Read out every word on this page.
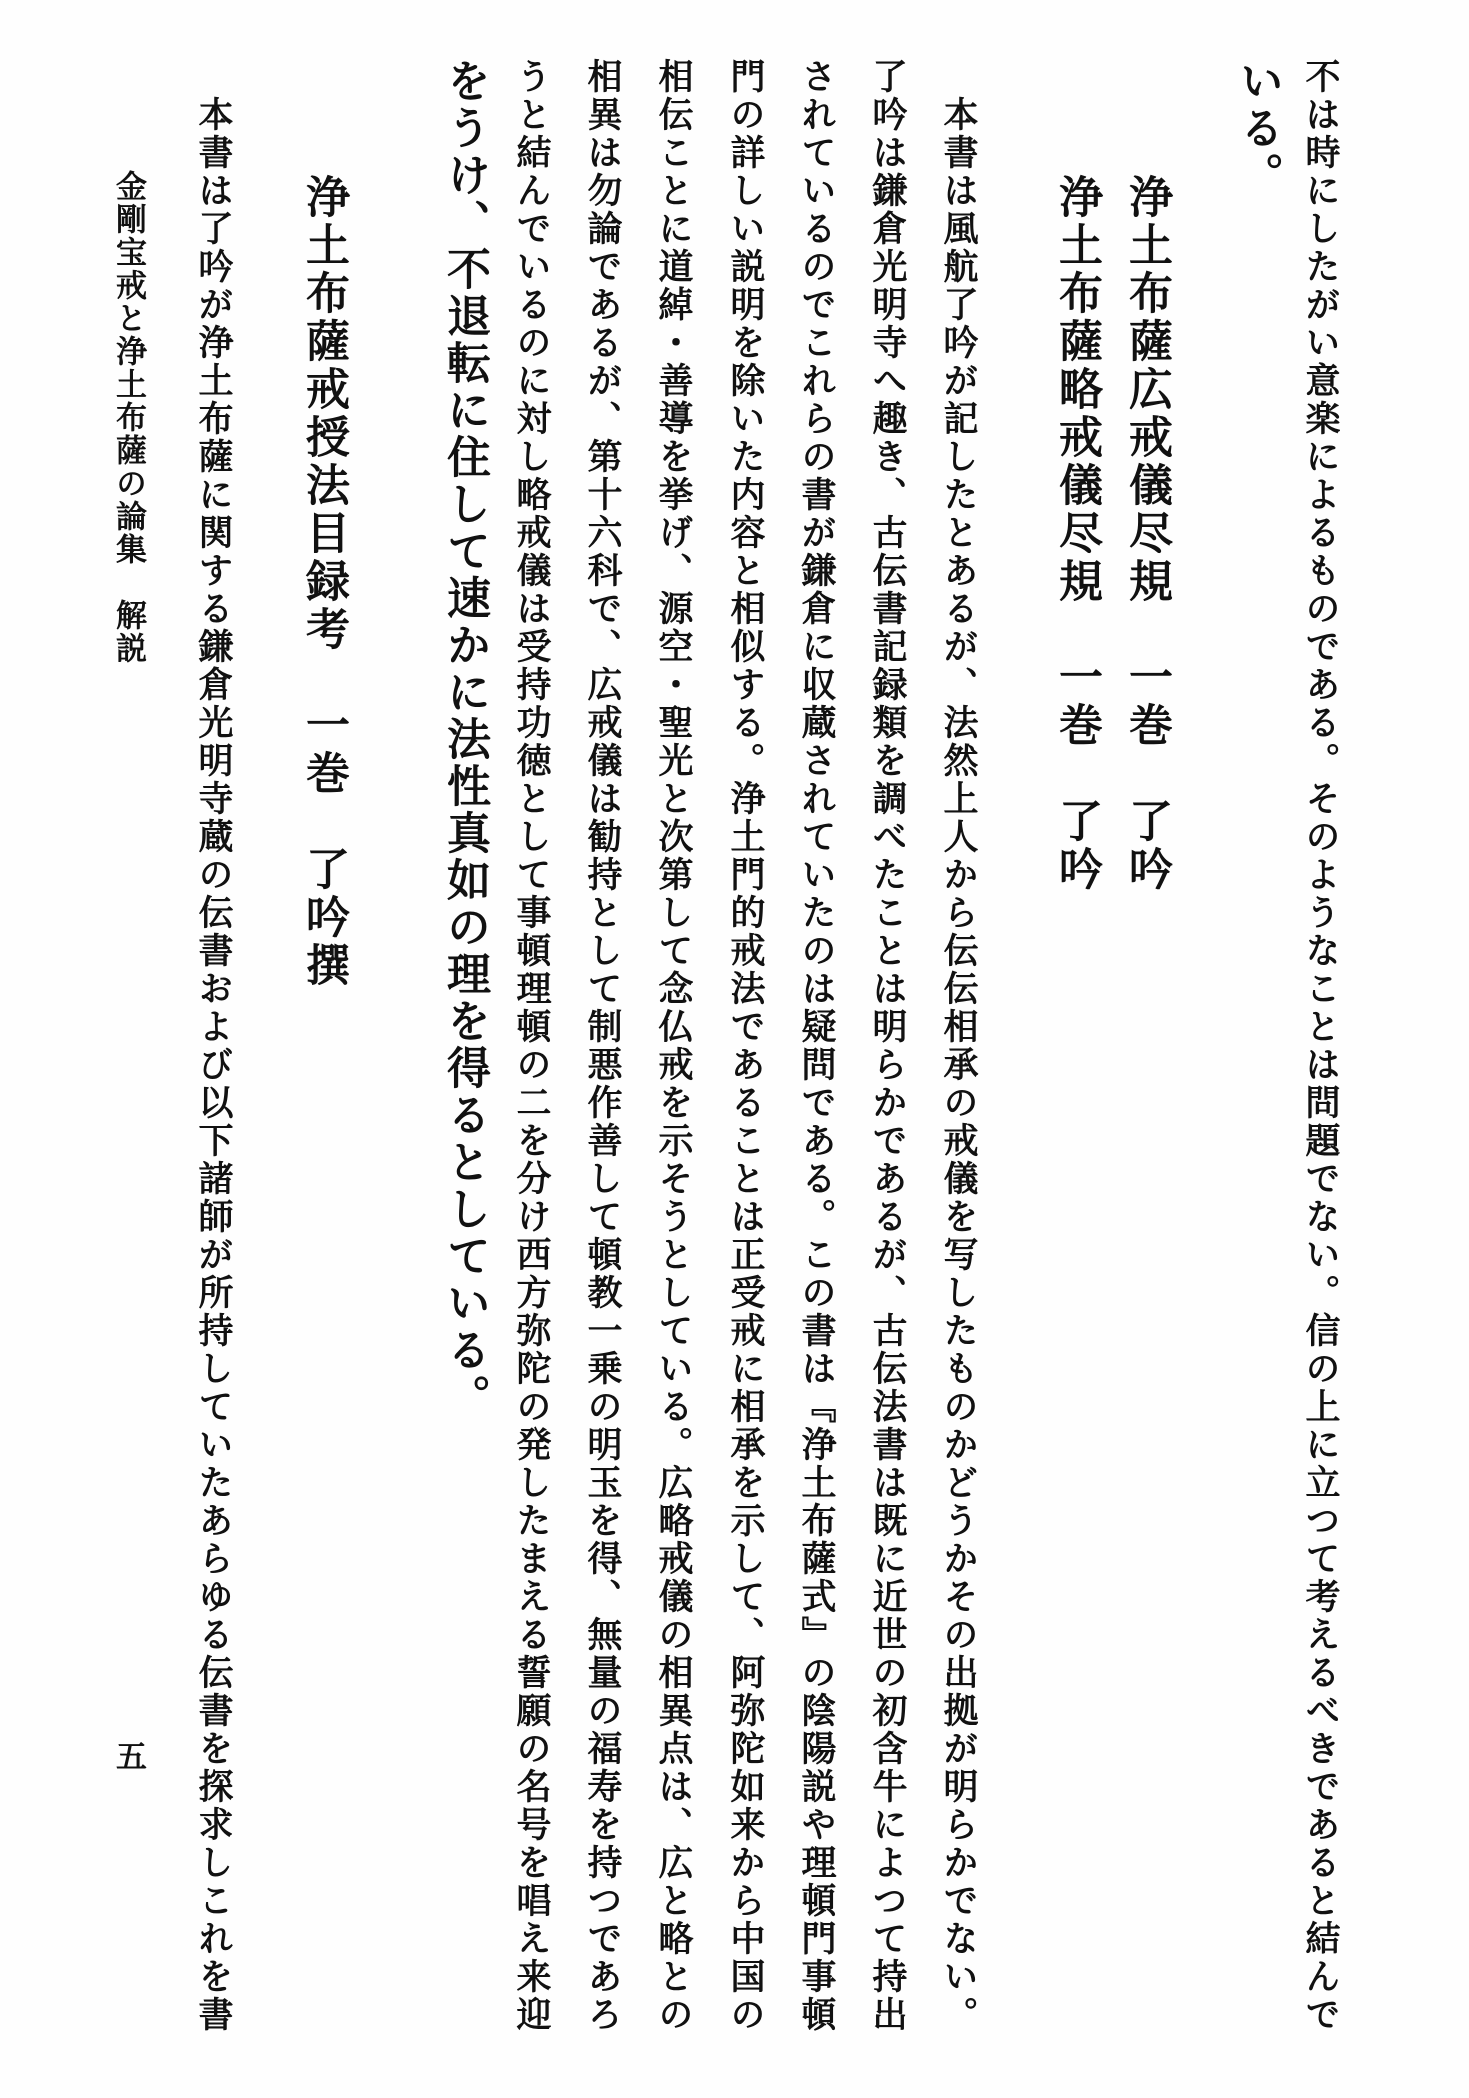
不は時にしたがい意楽によるものである。そのようなことは問題でない。信の上に立つて考えるべきであると結んで
いる。
浄土布薩広戒儀尽規　一巻　了吟
浄土布薩略戒儀尽規　一巻　了吟
本書は風航了吟が記したとあるが、法然上人から伝伝相承の戒儀を写したものかどうかその出拠が明らかでない。
了吟は鎌倉光明寺へ趣き、古伝書記録類を調べたことは明らかであるが、古伝法書は既に近世の初含牛によつて持出
されているのでこれらの書が鎌倉に収蔵されていたのは疑問である。この書は『浄土布薩式』の陰陽説や理頓門事頓
門の詳しい説明を除いた内容と相似する。浄土門的戒法であることは正受戒に相承を示して、阿弥陀如来から中国の
相伝ことに道綽・善導を挙げ、源空・聖光と次第して念仏戒を示そうとしている。広略戒儀の相異点は、広と略との
相異は勿論であるが、第十六科で、広戒儀は勧持として制悪作善して頓教一乗の明玉を得、無量の福寿を持つであろ
うと結んでいるのに対し略戒儀は受持功徳として事頓理頓の二を分け西方弥陀の発したまえる誓願の名号を唱え来迎
をうけ、不退転に住して速かに法性真如の理を得るとしている。
浄土布薩戒授法目録考　一巻　了吟撰
本書は了吟が浄土布薩に関する鎌倉光明寺蔵の伝書および以下諸師が所持していたあらゆる伝書を探求しこれを書
金剛宝戒と浄土布薩の論集　解説
五
